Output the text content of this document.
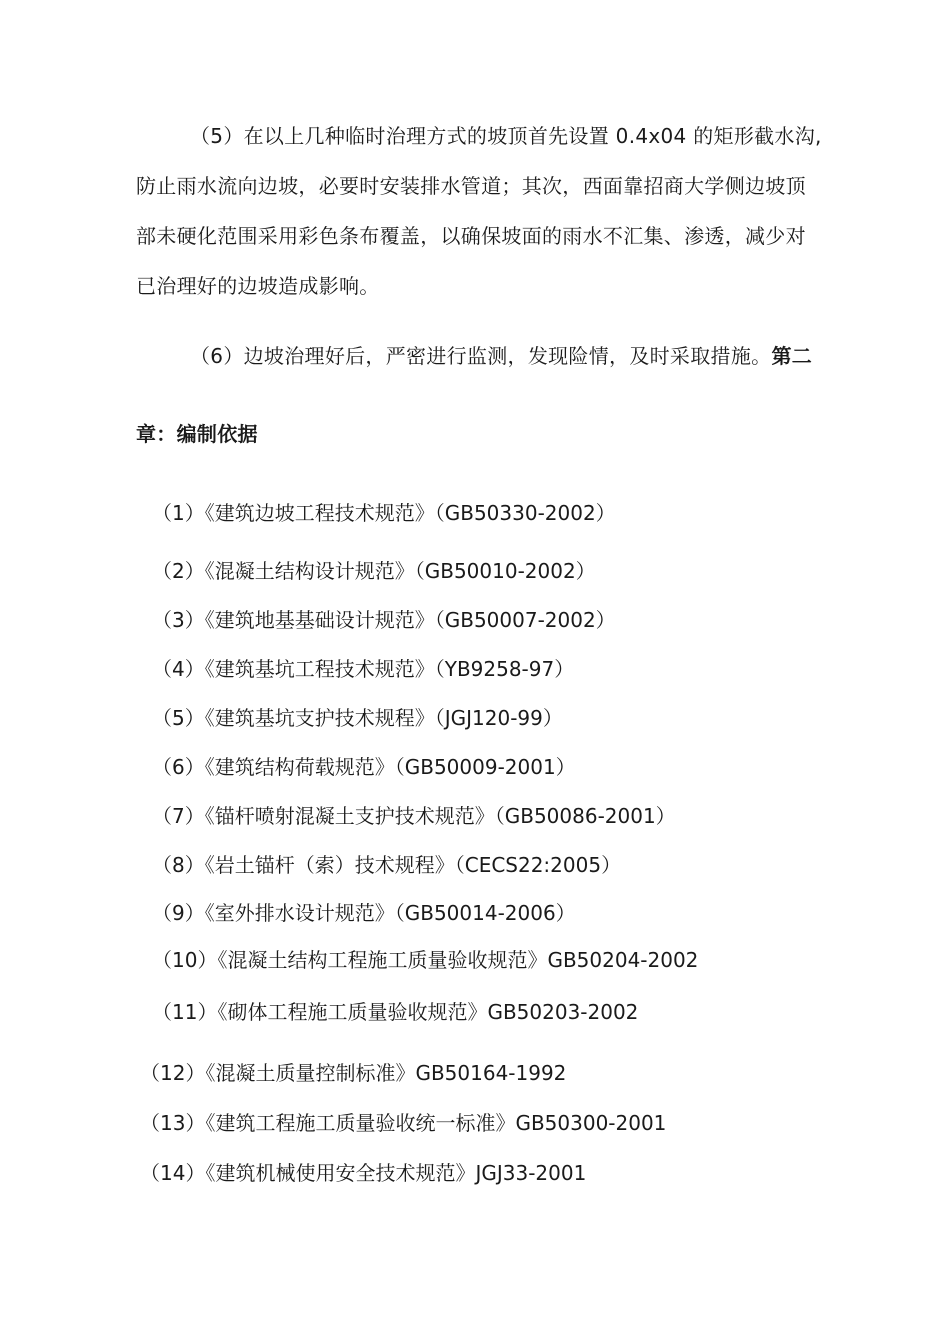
（5）在以上几种临时治理方式的坡顶首先设置 0.4x04 的矩形截水沟,
防止雨水流向边坡，必要时安装排水管道；其次，西面靠招商大学侧边坡顶
部未硬化范围采用彩色条布覆盖，以确保坡面的雨水不汇集、渗透，减少对
已治理好的边坡造成影响。
（6）边坡治理好后，严密进行监测，发现险情，及时采取措施。第二
章：编制依据
（1）《建筑边坡工程技术规范》（GB50330-2002）
（2）《混凝土结构设计规范》（GB50010-2002）
（3）《建筑地基基础设计规范》（GB50007-2002）
（4）《建筑基坑工程技术规范》（YB9258-97）
（5）《建筑基坑支护技术规程》（JGJ120-99）
（6）《建筑结构荷载规范》（GB50009-2001）
（7）《锚杆喷射混凝土支护技术规范》（GB50086-2001）
（8）《岩土锚杆（索）技术规程》（CECS22:2005）
（9）《室外排水设计规范》（GB50014-2006）
（10）《混凝土结构工程施工质量验收规范》GB50204-2002
（11）《砌体工程施工质量验收规范》GB50203-2002
（12）《混凝土质量控制标准》GB50164-1992
（13）《建筑工程施工质量验收统一标准》GB50300-2001
（14）《建筑机械使用安全技术规范》JGJ33-2001
